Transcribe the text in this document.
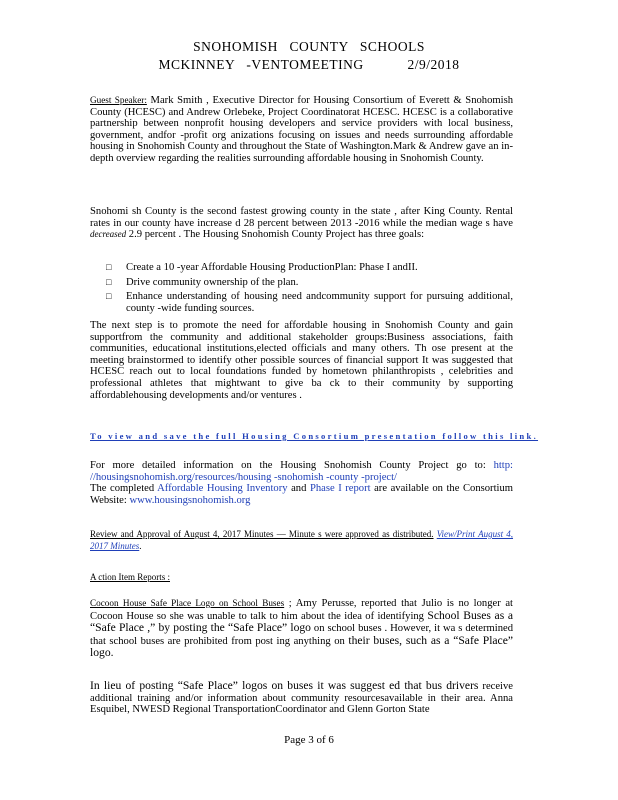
SNOHOMISH   COUNTY   SCHOOLS
MCKINNEY   -VENTOMEETING	2/9/2018
Guest Speaker: Mark Smith , Executive Director for Housing Consortium of Everett & Snohomish County (HCESC) and Andrew Orlebeke, Project Coordinatorat HCESC. HCESC is a collaborative partnership between nonprofit housing developers and service providers with local business, government, andfor -profit org anizations focusing on issues and needs surrounding affordable housing in Snohomish County and throughout the State of Washington.Mark & Andrew gave an in-depth overview regarding the realities surrounding affordable housing in Snohomish County.
Snohomi sh County is the second fastest growing county in the state , after King County. Rental rates in our county have increase d 28 percent between 2013 -2016 while the median wage s have decreased 2.9 percent . The Housing Snohomish County Project has three goals:
□ Create a 10 -year Affordable Housing ProductionPlan: Phase I andII.
□ Drive community ownership of the plan.
□ Enhance understanding of housing need andcommunity support for pursuing additional, county -wide funding sources.
The next step is to promote the need for affordable housing in Snohomish County and gain supportfrom the community and additional stakeholder groups:Business associations, faith communities, educational institutions,elected officials and many others. Th ose present at the meeting brainstormed to identify other possible sources of financial support It was suggested that HCESC reach out to local foundations funded by hometown philanthropists , celebrities and professional athletes that mightwant to give ba ck to their community by supporting affordablehousing developments and/or ventures .
To view and save the full Housing Consortium presentation follow this link.
For more detailed information on the Housing Snohomish County Project go to: http: //housingsnohomish.org/resources/housing -snohomish -county -project/
The completed Affordable Housing Inventory and Phase I report are available on the Consortium Website: www.housingsnohomish.org
Review and Approval of August 4, 2017 Minutes — Minute s were approved as distributed. View/Print August 4, 2017 Minutes.
A ction Item Reports :
Cocoon House Safe Place Logo on School Buses ; Amy Perusse, reported that Julio is no longer at Cocoon House so she was unable to talk to him about the idea of identifying School Buses as a “Safe Place ,” by posting the “Safe Place” logo on school buses . However, it wa s determined that school buses are prohibited from post ing anything on their buses, such as a “Safe Place” logo.
In lieu of posting “Safe Place” logos on buses it was suggest ed that bus drivers receive additional training and/or information about community resourcesavailable in their area. Anna Esquibel, NWESD Regional TransportationCoordinator and Glenn Gorton State
Page 3 of 6
